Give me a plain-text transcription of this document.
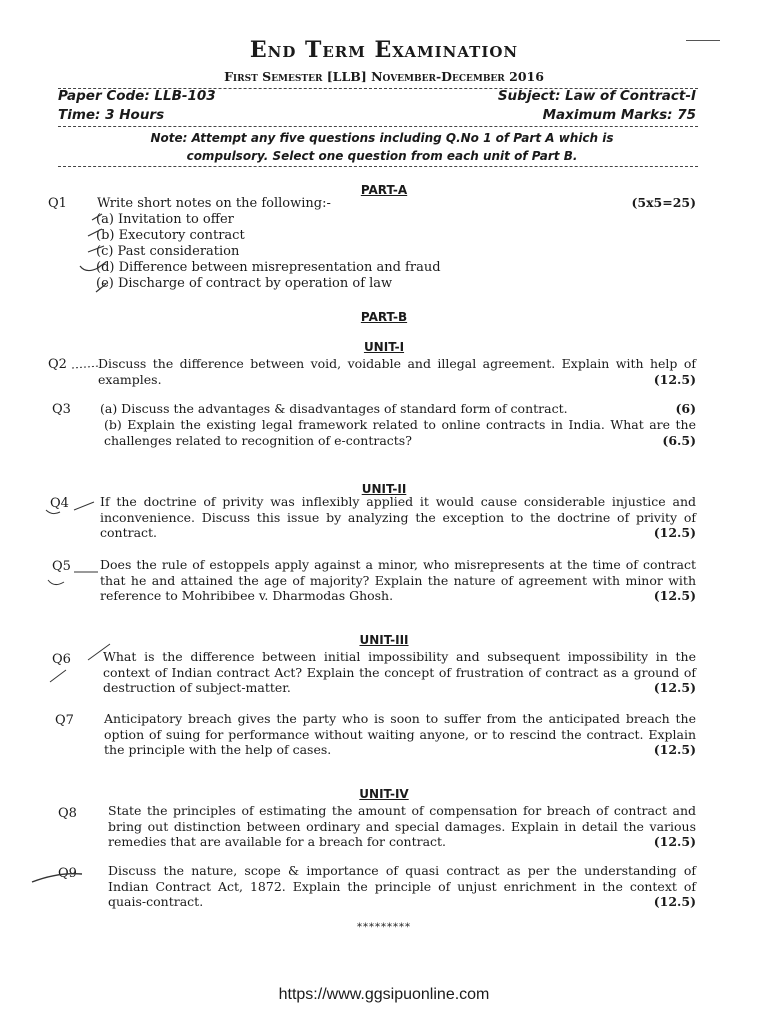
End Term Examination
First Semester [LLB] November-December 2016
Paper Code: LLB-103	Subject: Law of Contract-I
Time: 3 Hours	Maximum Marks: 75
Note: Attempt any five questions including Q.No 1 of Part A which is
compulsory. Select one question from each unit of Part B.
PART-A
Q1 Write short notes on the following:-	(5x5=25)
(a) Invitation to offer
(b) Executory contract
(c) Past consideration
(d) Difference between misrepresentation and fraud
(e) Discharge of contract by operation of law
PART-B
UNIT-I
Q2 Discuss the difference between void, voidable and illegal agreement. Explain with help of examples.	(12.5)
Q3 (a) Discuss the advantages & disadvantages of standard form of contract.	(6)
(b) Explain the existing legal framework related to online contracts in India. What are the challenges related to recognition of e-contracts?	(6.5)
UNIT-II
Q4 If the doctrine of privity was inflexibly applied it would cause considerable injustice and inconvenience. Discuss this issue by analyzing the exception to the doctrine of privity of contract.	(12.5)
Q5 Does the rule of estoppels apply against a minor, who misrepresents at the time of contract that he and attained the age of majority? Explain the nature of agreement with minor with reference to Mohribibee v. Dharmodas Ghosh.	(12.5)
UNIT-III
Q6	What is the difference between initial impossibility and subsequent impossibility in the context of Indian contract Act? Explain the concept of frustration of contract as a ground of destruction of subject-matter.	(12.5)
Q7 Anticipatory breach gives the party who is soon to suffer from the anticipated breach the option of suing for performance without waiting anyone, or to rescind the contract. Explain the principle with the help of cases.	(12.5)
UNIT-IV
Q8 State the principles of estimating the amount of compensation for breach of contract and bring out distinction between ordinary and special damages. Explain in detail the various remedies that are available for a breach for contract.	(12.5)
Q9 Discuss the nature, scope & importance of quasi contract as per the understanding of Indian Contract Act, 1872. Explain the principle of unjust enrichment in the context of quais-contract.	(12.5)
*********
https://www.ggsipuonline.com
